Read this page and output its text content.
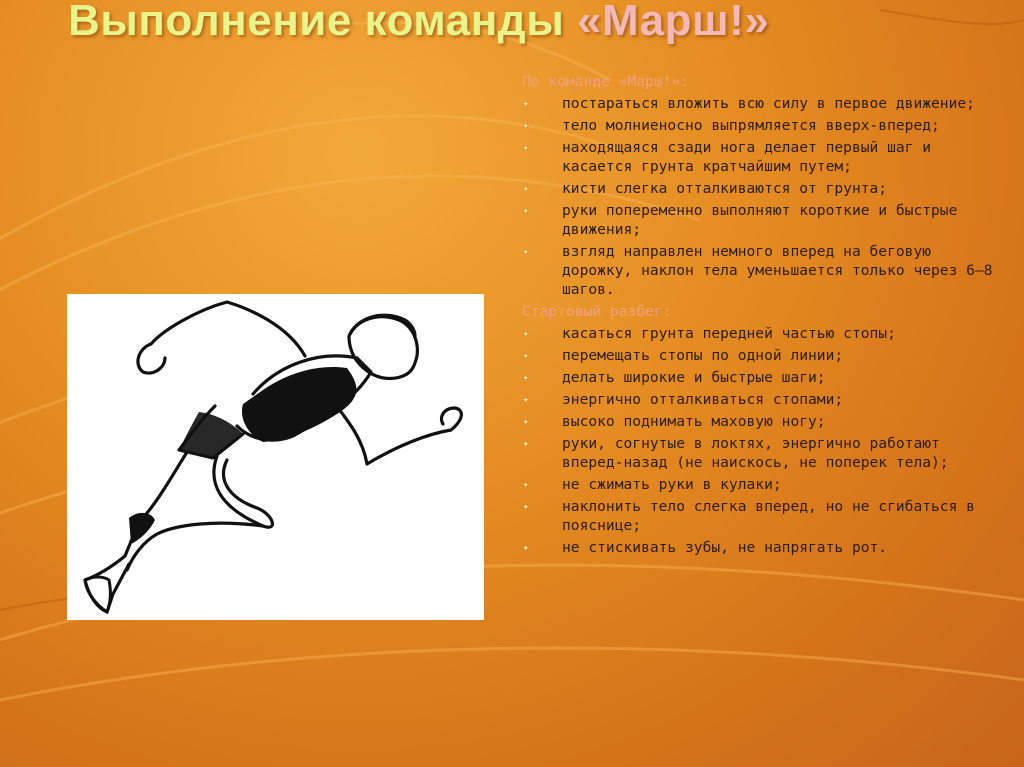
Выполнение команды «Марш!»

По команде «Марш!»:

✦	постараться вложить всю силу в первое движение;
✦	тело молниеносно выпрямляется вверх-вперед;
✦	находящаяся сзади нога делает первый шаг и касается грунта кратчайшим путем;
✦	кисти слегка отталкиваются от грунта;
✦	руки попеременно выполняют короткие и быстрые движения;
✦	взгляд направлен немного вперед на беговую дорожку, наклон тела уменьшается только через 6–8 шагов.

Стартовый разбег:

✦	касаться грунта передней частью стопы;
✦	перемещать стопы по одной линии;
✦	делать широкие и быстрые шаги;
✦	энергично отталкиваться стопами;
✦	высоко поднимать маховую ногу;
✦	руки, согнутые в локтях, энергично работают вперед-назад (не наискось, не поперек тела);
✦	не сжимать руки в кулаки;
✦	наклонить тело слегка вперед, но не сгибаться в пояснице;
✦	не стискивать зубы, не напрягать рот.
